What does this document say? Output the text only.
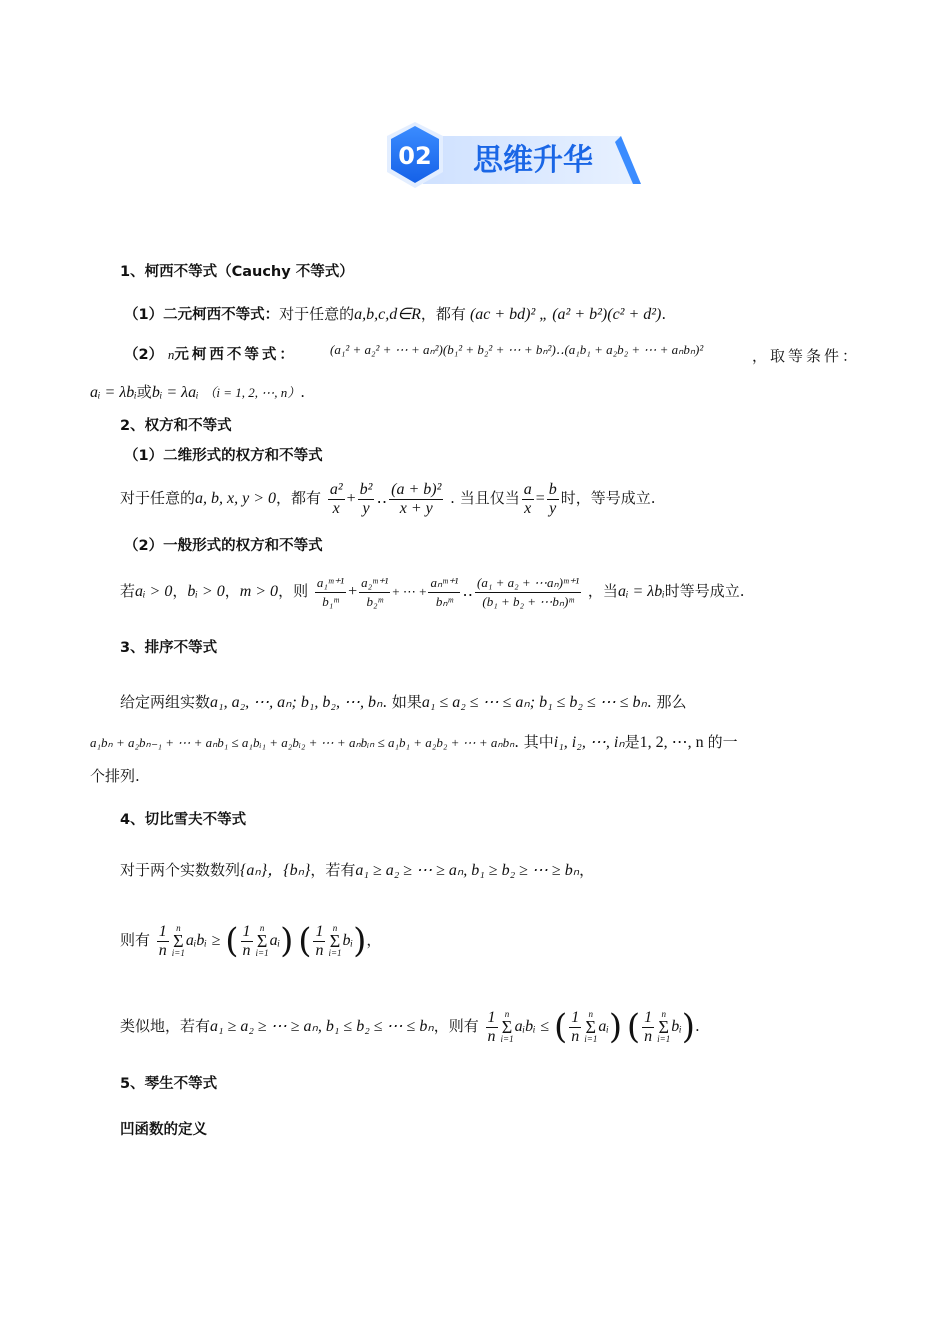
02 思维升华
1、柯西不等式（Cauchy 不等式）
（1）二元柯西不等式：对于任意的a,b,c,d∈R，都有 (ac + bd)² „ (a² + b²)(c² + d²).
（2） n元柯西不等式：	(a₁² + a₂² + ⋯ + aₙ²)(b₁² + b₂² + ⋯ + bₙ²)‥(a₁b₁ + a₂b₂ + ⋯ + aₙbₙ)²	，取等条件：
aᵢ = λbᵢ或bᵢ = λaᵢ （i = 1, 2, ⋯, n）.
2、权方和不等式
（1）二维形式的权方和不等式
对于任意的a, b, x, y > 0，都有 $\frac{\text{a²}}{x} + \frac{\text{b²}}{y}$ ‥ $\frac{\text{(a + b)²}}{x + y}$ . 当且仅当 $\frac{a}{x} = \frac{b}{y}$ 时，等号成立.
（2）一般形式的权方和不等式
若aᵢ > 0，bᵢ > 0，m > 0，则 $\frac{\text{a₁ᵐ⁺¹}}{\text{b₁ᵐ}} + \frac{\text{a₂ᵐ⁺¹}}{\text{b₂ᵐ}}$ + ⋯ + $\frac{\text{aₙᵐ⁺¹}}{\text{bₙᵐ}}$ ‥ $\frac{\text{(a₁ + a₂ + ⋯aₙ)ᵐ⁺¹}}{\text{(b₁ + b₂ + ⋯bₙ)ᵐ}}$ ，当aᵢ = λbᵢ时等号成立.
3、排序不等式
给定两组实数a₁, a₂, ⋯, aₙ; b₁, b₂, ⋯, bₙ. 如果a₁ ≤ a₂ ≤ ⋯ ≤ aₙ; b₁ ≤ b₂ ≤ ⋯ ≤ bₙ. 那么
a₁bₙ + a₂bₙ₋₁ + ⋯ + aₙb₁ ≤ a₁bᵢ₁ + a₂bᵢ₂ + ⋯ + aₙbᵢₙ ≤ a₁b₁ + a₂b₂ + ⋯ + aₙbₙ. 其中i₁, i₂, ⋯, iₙ是1, 2, ⋯, n 的一
个排列.
4、切比雪夫不等式
对于两个实数数列{aₙ}，{bₙ}，若有a₁ ≥ a₂ ≥ ⋯ ≥ aₙ, b₁ ≥ b₂ ≥ ⋯ ≥ bₙ，
则有 $\frac{1}{n}$ n
Σ
i=1
aᵢbᵢ ≥ ( $\frac{1}{n}$ n
Σ
i=1
aᵢ) ( $\frac{1}{n}$ n
Σ
i=1
bᵢ)，
类似地，若有a₁ ≥ a₂ ≥ ⋯ ≥ aₙ, b₁ ≤ b₂ ≤ ⋯ ≤ bₙ，则有 $\frac{1}{n}$ n
Σ
i=1
aᵢbᵢ ≤ ( $\frac{1}{n}$ n
Σ
i=1
aᵢ) ( $\frac{1}{n}$ n
Σ
i=1
bᵢ).
5、琴生不等式
凹函数的定义
